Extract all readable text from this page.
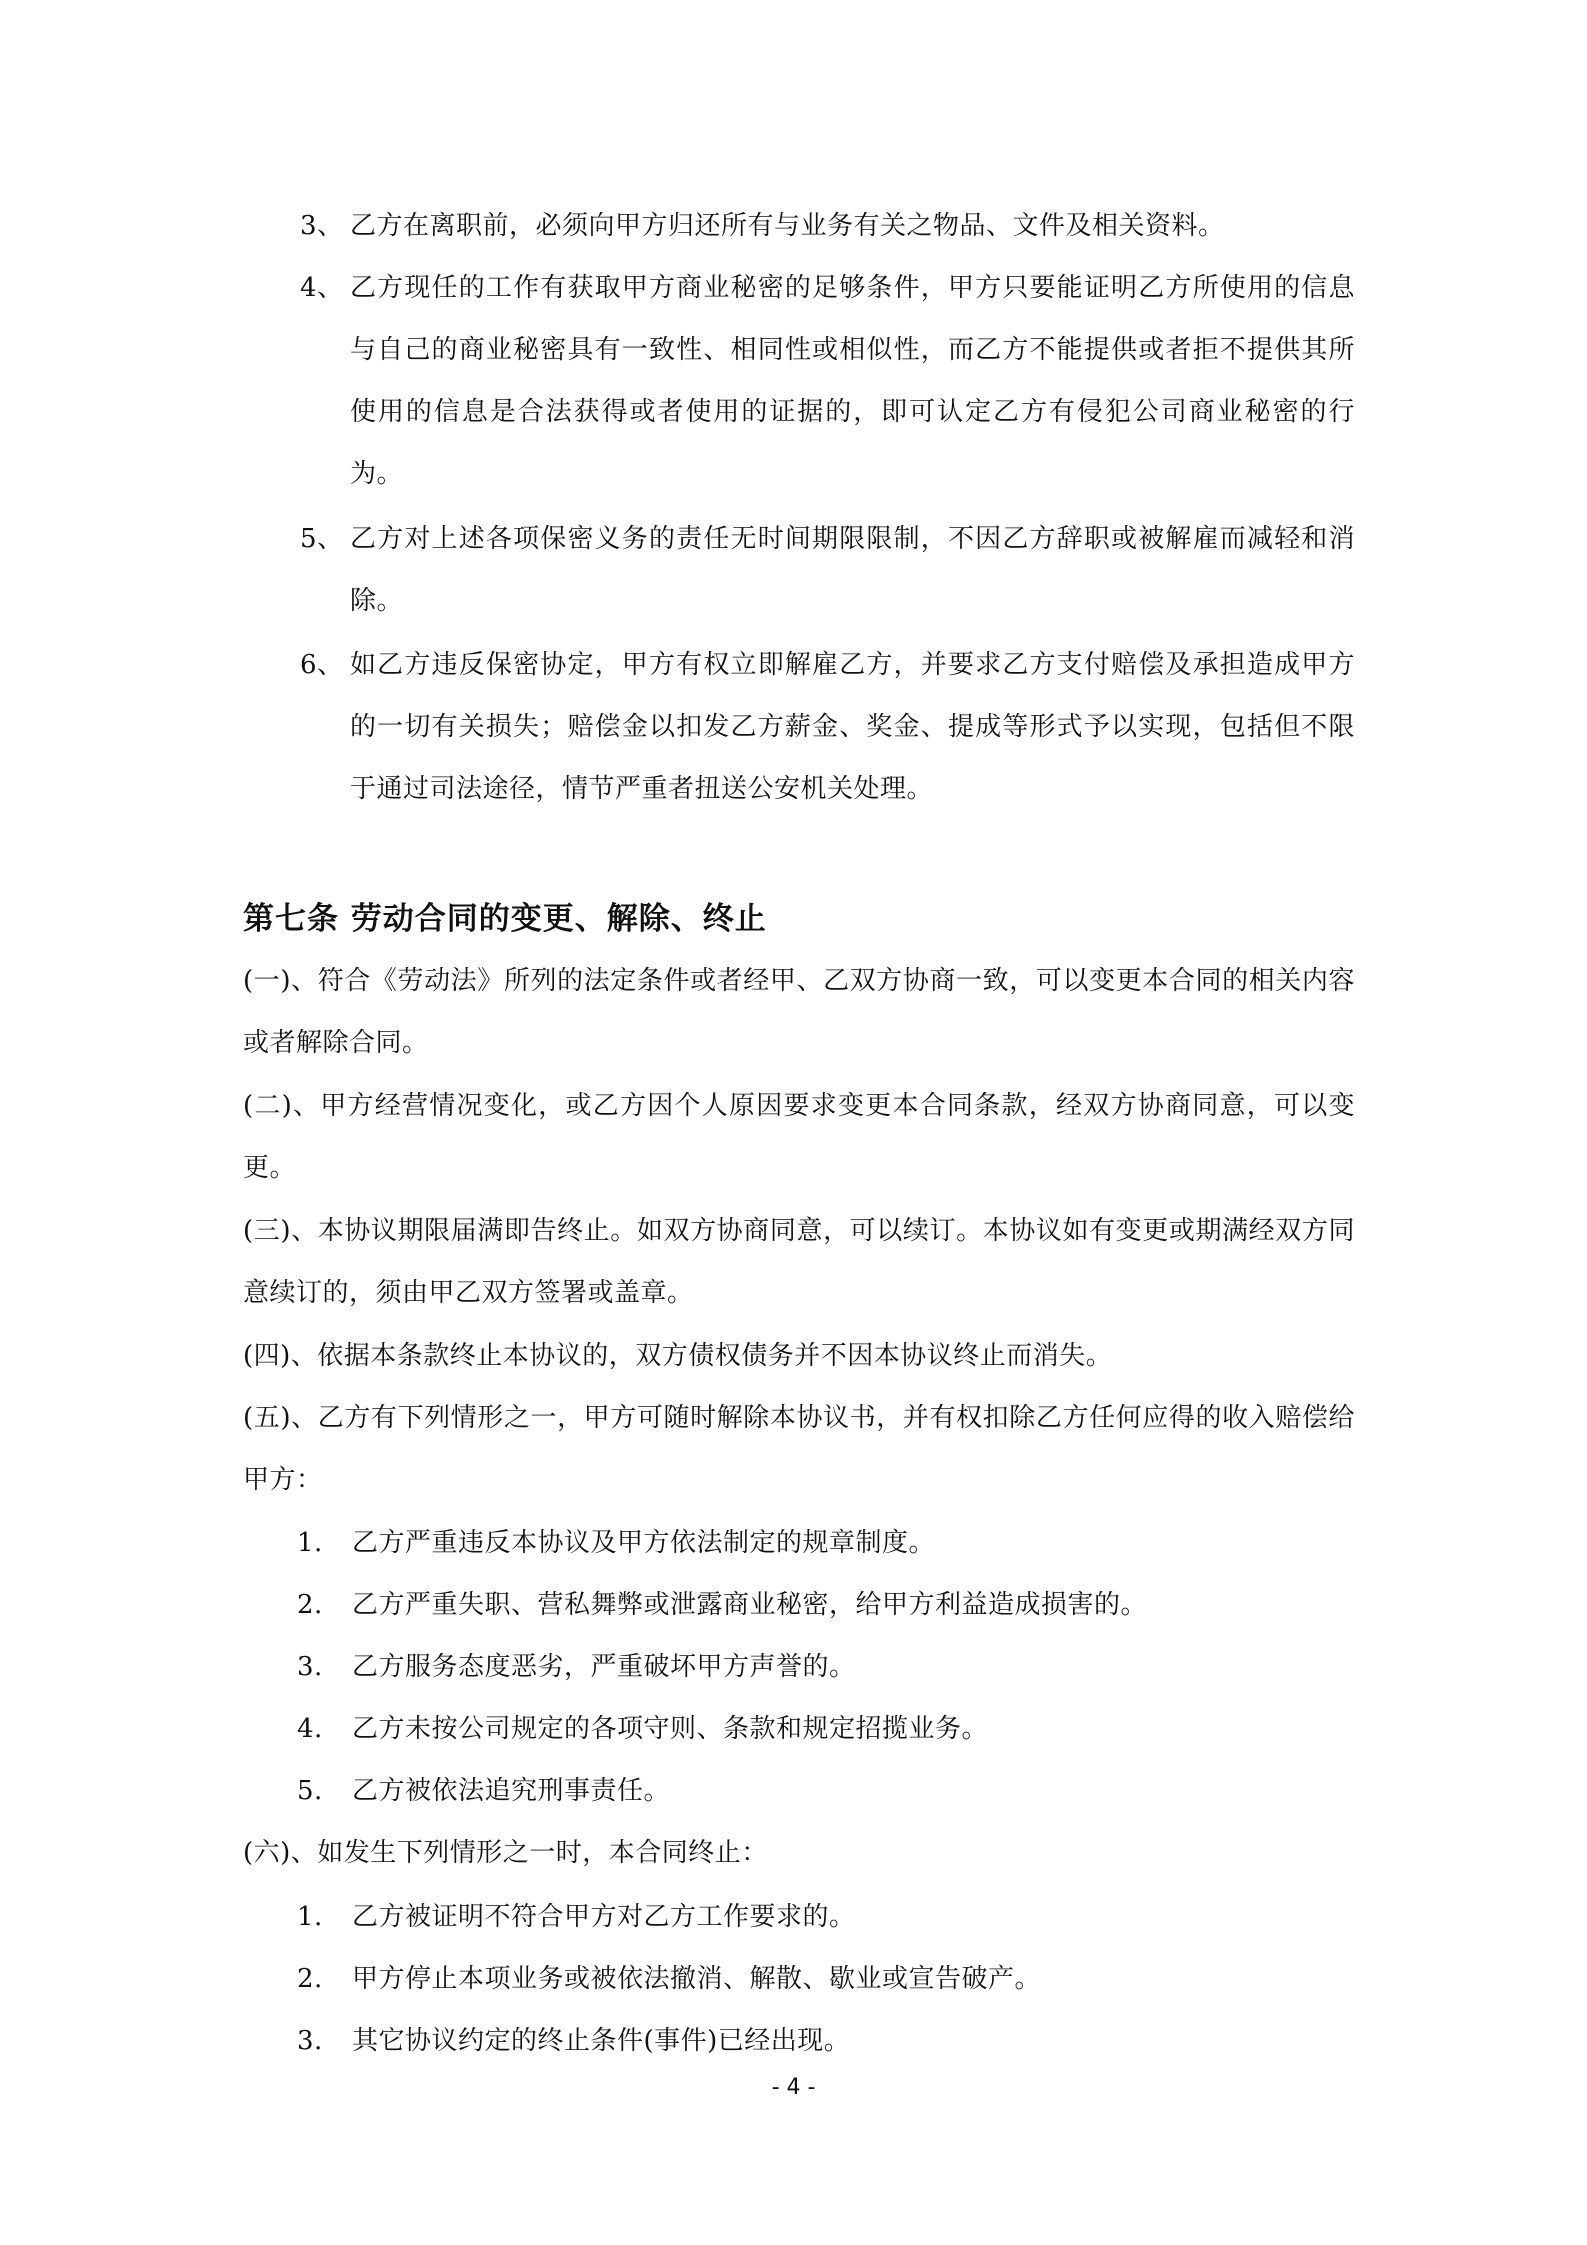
3、 乙方在离职前，必须向甲方归还所有与业务有关之物品、文件及相关资料。
4、 乙方现任的工作有获取甲方商业秘密的足够条件，甲方只要能证明乙方所使用的信息与自己的商业秘密具有一致性、相同性或相似性，而乙方不能提供或者拒不提供其所使用的信息是合法获得或者使用的证据的，即可认定乙方有侵犯公司商业秘密的行为。
5、 乙方对上述各项保密义务的责任无时间期限限制，不因乙方辞职或被解雇而减轻和消除。
6、 如乙方违反保密协定，甲方有权立即解雇乙方，并要求乙方支付赔偿及承担造成甲方的一切有关损失；赔偿金以扣发乙方薪金、奖金、提成等形式予以实现，包括但不限于通过司法途径，情节严重者扭送公安机关处理。
第七条 劳动合同的变更、解除、终止
(一)、符合《劳动法》所列的法定条件或者经甲、乙双方协商一致，可以变更本合同的相关内容或者解除合同。
(二)、甲方经营情况变化，或乙方因个人原因要求变更本合同条款，经双方协商同意，可以变更。
(三)、本协议期限届满即告终止。如双方协商同意，可以续订。本协议如有变更或期满经双方同意续订的，须由甲乙双方签署或盖章。
(四)、依据本条款终止本协议的，双方债权债务并不因本协议终止而消失。
(五)、乙方有下列情形之一，甲方可随时解除本协议书，并有权扣除乙方任何应得的收入赔偿给甲方：
1. 乙方严重违反本协议及甲方依法制定的规章制度。
2. 乙方严重失职、营私舞弊或泄露商业秘密，给甲方利益造成损害的。
3. 乙方服务态度恶劣，严重破坏甲方声誉的。
4. 乙方未按公司规定的各项守则、条款和规定招揽业务。
5. 乙方被依法追究刑事责任。
(六)、如发生下列情形之一时，本合同终止：
1. 乙方被证明不符合甲方对乙方工作要求的。
2. 甲方停止本项业务或被依法撤消、解散、歇业或宣告破产。
3. 其它协议约定的终止条件(事件)已经出现。
- 4 -
